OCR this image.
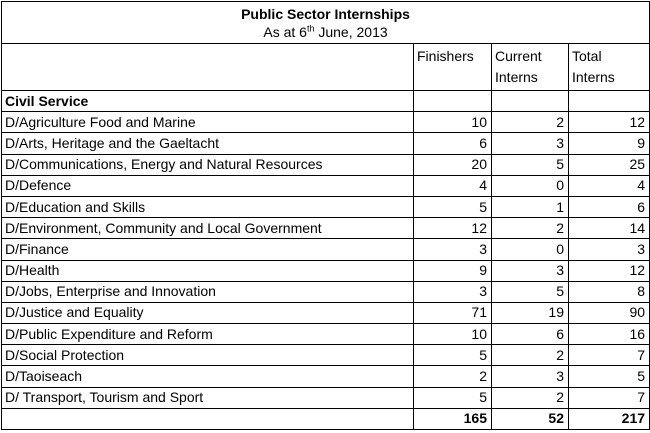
Public Sector Internships
As at 6th June, 2013			

	Finishers	Current Interns	Total Interns
Civil Service			
D/Agriculture Food and Marine	10	2	12
D/Arts, Heritage and the Gaeltacht	6	3	9
D/Communications, Energy and Natural Resources	20	5	25
D/Defence	4	0	4
D/Education and Skills	5	1	6
D/Environment, Community and Local Government	12	2	14
D/Finance	3	0	3
D/Health	9	3	12
D/Jobs, Enterprise and Innovation	3	5	8
D/Justice and Equality	71	19	90
D/Public Expenditure and Reform	10	6	16
D/Social Protection	5	2	7
D/Taoiseach	2	3	5
D/ Transport, Tourism and Sport	5	2	7
	165	52	217
